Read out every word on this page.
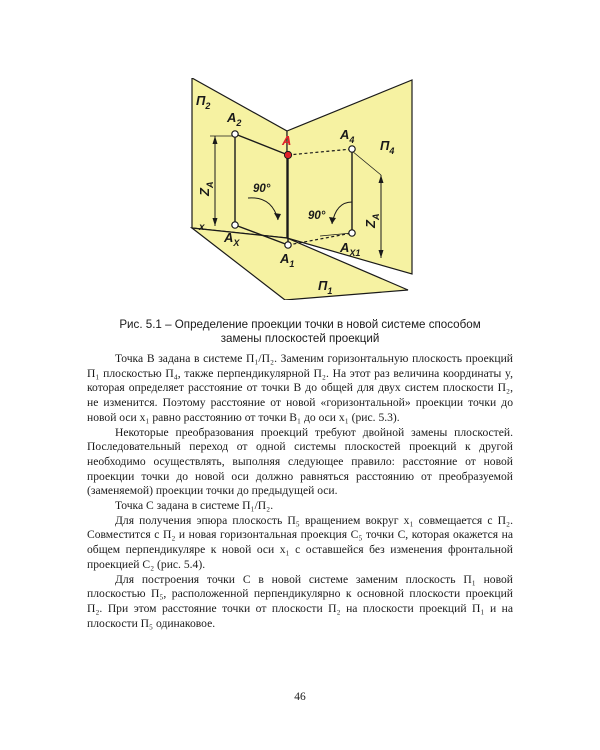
$П_2$
$П_4$
$П_1$
$A_2$
A	$A_4$
$Z_A$
$Z_A$
90°
90°
x
$A_X$
$A_1$
$A_{X1}$
Рис. 5.1 – Определение проекции точки в новой системе способом
замены плоскостей проекций

Точка В задана в системе П₁/П₂. Заменим горизонтальную плоскость проекций П₁ плоскостью П₄, также перпендикулярной П₂. На этот раз величина координаты y, которая определяет расстояние от точки В до общей для двух систем плоскости П₂, не изменится. Поэтому расстояние от новой «горизонтальной» проекции точки до новой оси x₁ равно расстоянию от точки В₁ до оси x₁ (рис. 5.3).

Некоторые преобразования проекций требуют двойной замены плоскостей. Последовательный переход от одной системы плоскостей проекций к другой необходимо осуществлять, выполняя следующее правило: расстояние от новой проекции точки до новой оси должно равняться расстоянию от преобразуемой (заменяемой) проекции точки до предыдущей оси.

Точка С задана в системе П₁/П₂.

Для получения эпюра плоскость П₅ вращением вокруг x₁ совмещается с П₂. Совместится с П₂ и новая горизонтальная проекция С₅ точки С, которая окажется на общем перпендикуляре к новой оси x₁ с оставшейся без изменения фронтальной проекцией С₂ (рис. 5.4).

Для построения точки С в новой системе заменим плоскость П₁ новой плоскостью П₅, расположенной перпендикулярно к основной плоскости проекций П₂. При этом расстояние точки от плоскости П₂ на плоскости проекций П₁ и на плоскости П₅ одинаковое.

46
